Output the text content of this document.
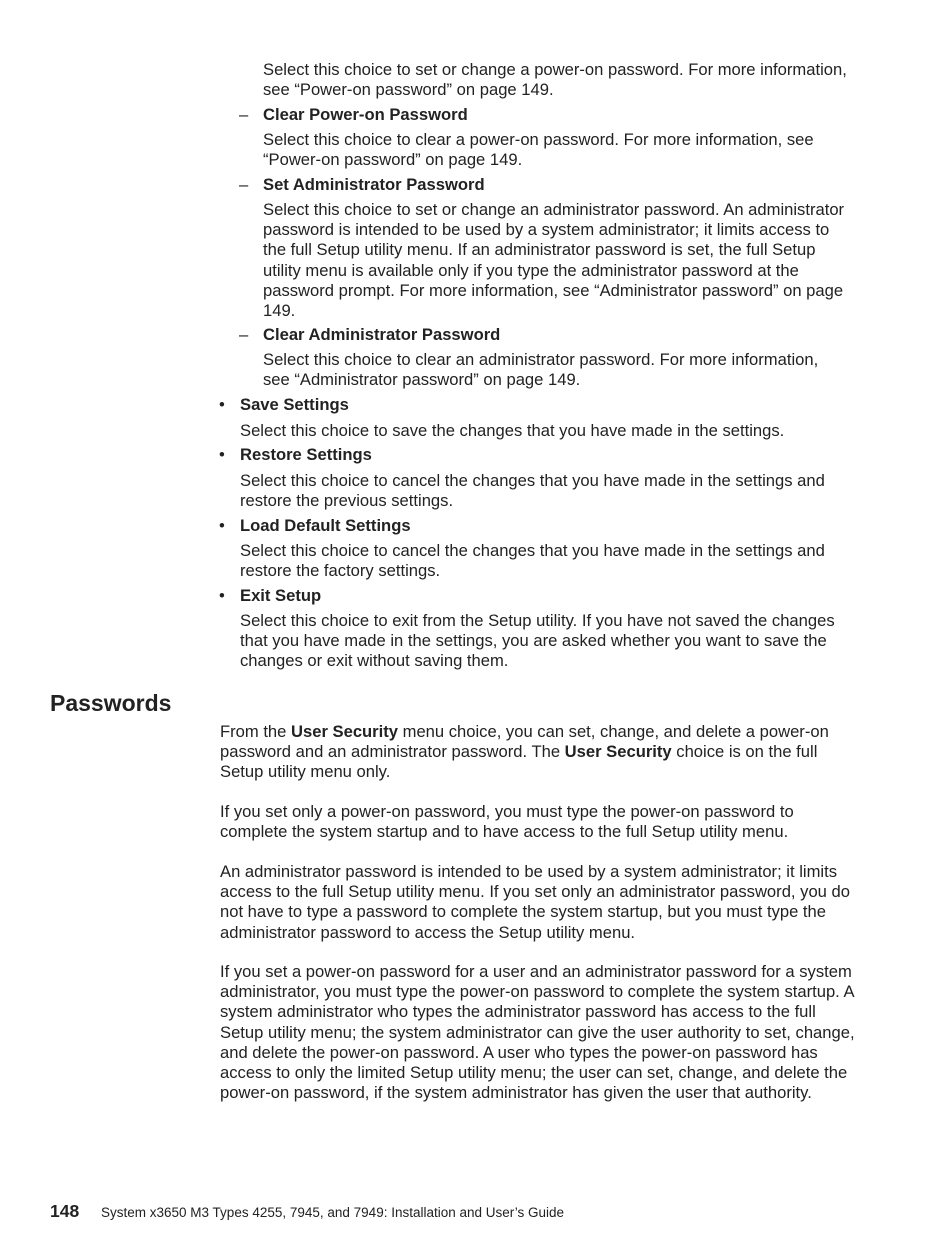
Select this choice to set or change a power-on password. For more information, see “Power-on password” on page 149.

– Clear Power-on Password

Select this choice to clear a power-on password. For more information, see “Power-on password” on page 149.

– Set Administrator Password

Select this choice to set or change an administrator password. An administrator password is intended to be used by a system administrator; it limits access to the full Setup utility menu. If an administrator password is set, the full Setup utility menu is available only if you type the administrator password at the password prompt. For more information, see “Administrator password” on page 149.

– Clear Administrator Password

Select this choice to clear an administrator password. For more information, see “Administrator password” on page 149.

• Save Settings

Select this choice to save the changes that you have made in the settings.

• Restore Settings

Select this choice to cancel the changes that you have made in the settings and restore the previous settings.

• Load Default Settings

Select this choice to cancel the changes that you have made in the settings and restore the factory settings.

• Exit Setup

Select this choice to exit from the Setup utility. If you have not saved the changes that you have made in the settings, you are asked whether you want to save the changes or exit without saving them.

Passwords

From the User Security menu choice, you can set, change, and delete a power-on password and an administrator password. The User Security choice is on the full Setup utility menu only.

If you set only a power-on password, you must type the power-on password to complete the system startup and to have access to the full Setup utility menu.

An administrator password is intended to be used by a system administrator; it limits access to the full Setup utility menu. If you set only an administrator password, you do not have to type a password to complete the system startup, but you must type the administrator password to access the Setup utility menu.

If you set a power-on password for a user and an administrator password for a system administrator, you must type the power-on password to complete the system startup. A system administrator who types the administrator password has access to the full Setup utility menu; the system administrator can give the user authority to set, change, and delete the power-on password. A user who types the power-on password has access to only the limited Setup utility menu; the user can set, change, and delete the power-on password, if the system administrator has given the user that authority.

148 System x3650 M3 Types 4255, 7945, and 7949: Installation and User’s Guide
